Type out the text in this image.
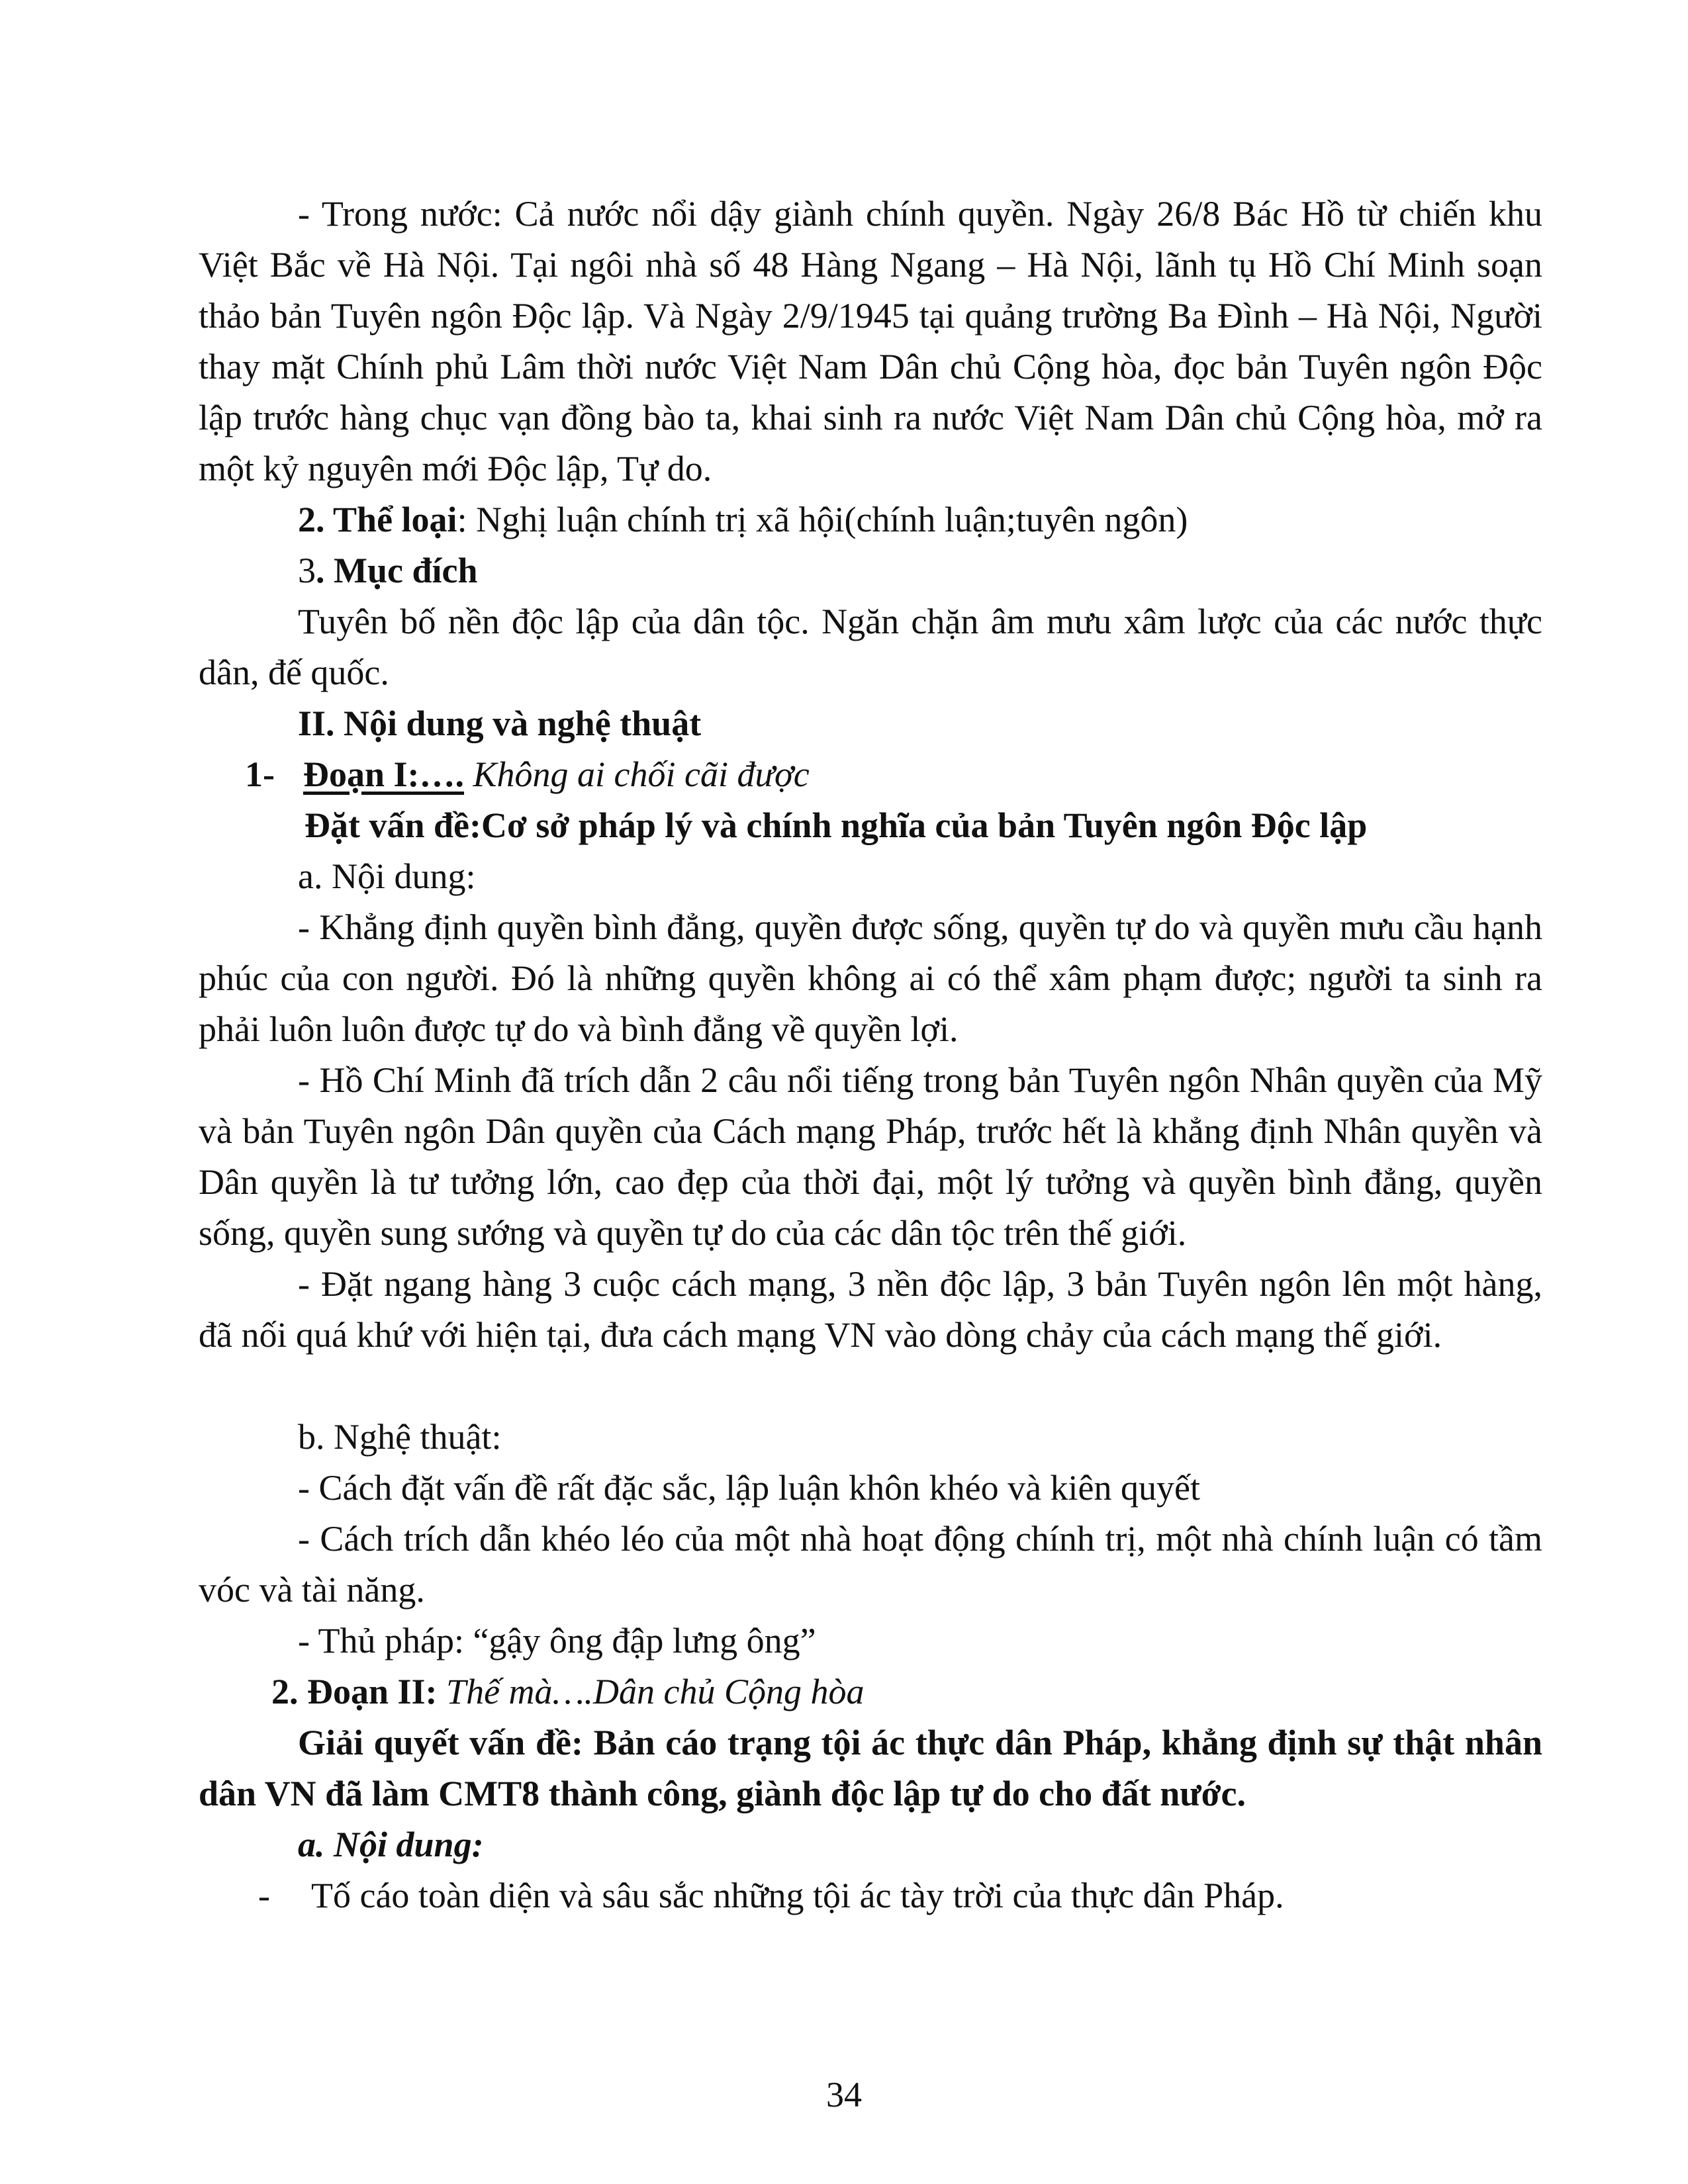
- Trong nước: Cả nước nổi dậy giành chính quyền. Ngày 26/8 Bác Hồ từ chiến khu Việt Bắc về Hà Nội. Tại ngôi nhà số 48 Hàng Ngang – Hà Nội, lãnh tụ Hồ Chí Minh soạn thảo bản Tuyên ngôn Độc lập. Và Ngày 2/9/1945 tại quảng trường Ba Đình – Hà Nội, Người thay mặt Chính phủ Lâm thời nước Việt Nam Dân chủ Cộng hòa, đọc bản Tuyên ngôn Độc lập trước hàng chục vạn đồng bào ta, khai sinh ra nước Việt Nam Dân chủ Cộng hòa, mở ra một kỷ nguyên mới Độc lập, Tự do.

2. Thể loại: Nghị luận chính trị xã hội(chính luận;tuyên ngôn)

3. Mục đích

Tuyên bố nền độc lập của dân tộc. Ngăn chặn âm mưu xâm lược của các nước thực dân, đế quốc.

II. Nội dung và nghệ thuật

1- Đoạn I:…. Không ai chối cãi được

Đặt vấn đề:Cơ sở pháp lý và chính nghĩa của bản Tuyên ngôn Độc lập

a. Nội dung:

- Khẳng định quyền bình đẳng, quyền được sống, quyền tự do và quyền mưu cầu hạnh phúc của con người. Đó là những quyền không ai có thể xâm phạm được; người ta sinh ra phải luôn luôn được tự do và bình đẳng về quyền lợi.

- Hồ Chí Minh đã trích dẫn 2 câu nổi tiếng trong bản Tuyên ngôn Nhân quyền của Mỹ và bản Tuyên ngôn Dân quyền của Cách mạng Pháp, trước hết là khẳng định Nhân quyền và Dân quyền là tư tưởng lớn, cao đẹp của thời đại, một lý tưởng và quyền bình đẳng, quyền sống, quyền sung sướng và quyền tự do của các dân tộc trên thế giới.

- Đặt ngang hàng 3 cuộc cách mạng, 3 nền độc lập, 3 bản Tuyên ngôn lên một hàng, đã nối quá khứ với hiện tại, đưa cách mạng VN vào dòng chảy của cách mạng thế giới.

b. Nghệ thuật:

- Cách đặt vấn đề rất đặc sắc, lập luận khôn khéo và kiên quyết

- Cách trích dẫn khéo léo của một nhà hoạt động chính trị, một nhà chính luận có tầm vóc và tài năng.

- Thủ pháp: “gậy ông đập lưng ông”

2. Đoạn II: Thế mà….Dân chủ Cộng hòa

Giải quyết vấn đề: Bản cáo trạng tội ác thực dân Pháp, khẳng định sự thật nhân dân VN đã làm CMT8 thành công, giành độc lập tự do cho đất nước.

a. Nội dung:

- Tố cáo toàn diện và sâu sắc những tội ác tày trời của thực dân Pháp.

34
